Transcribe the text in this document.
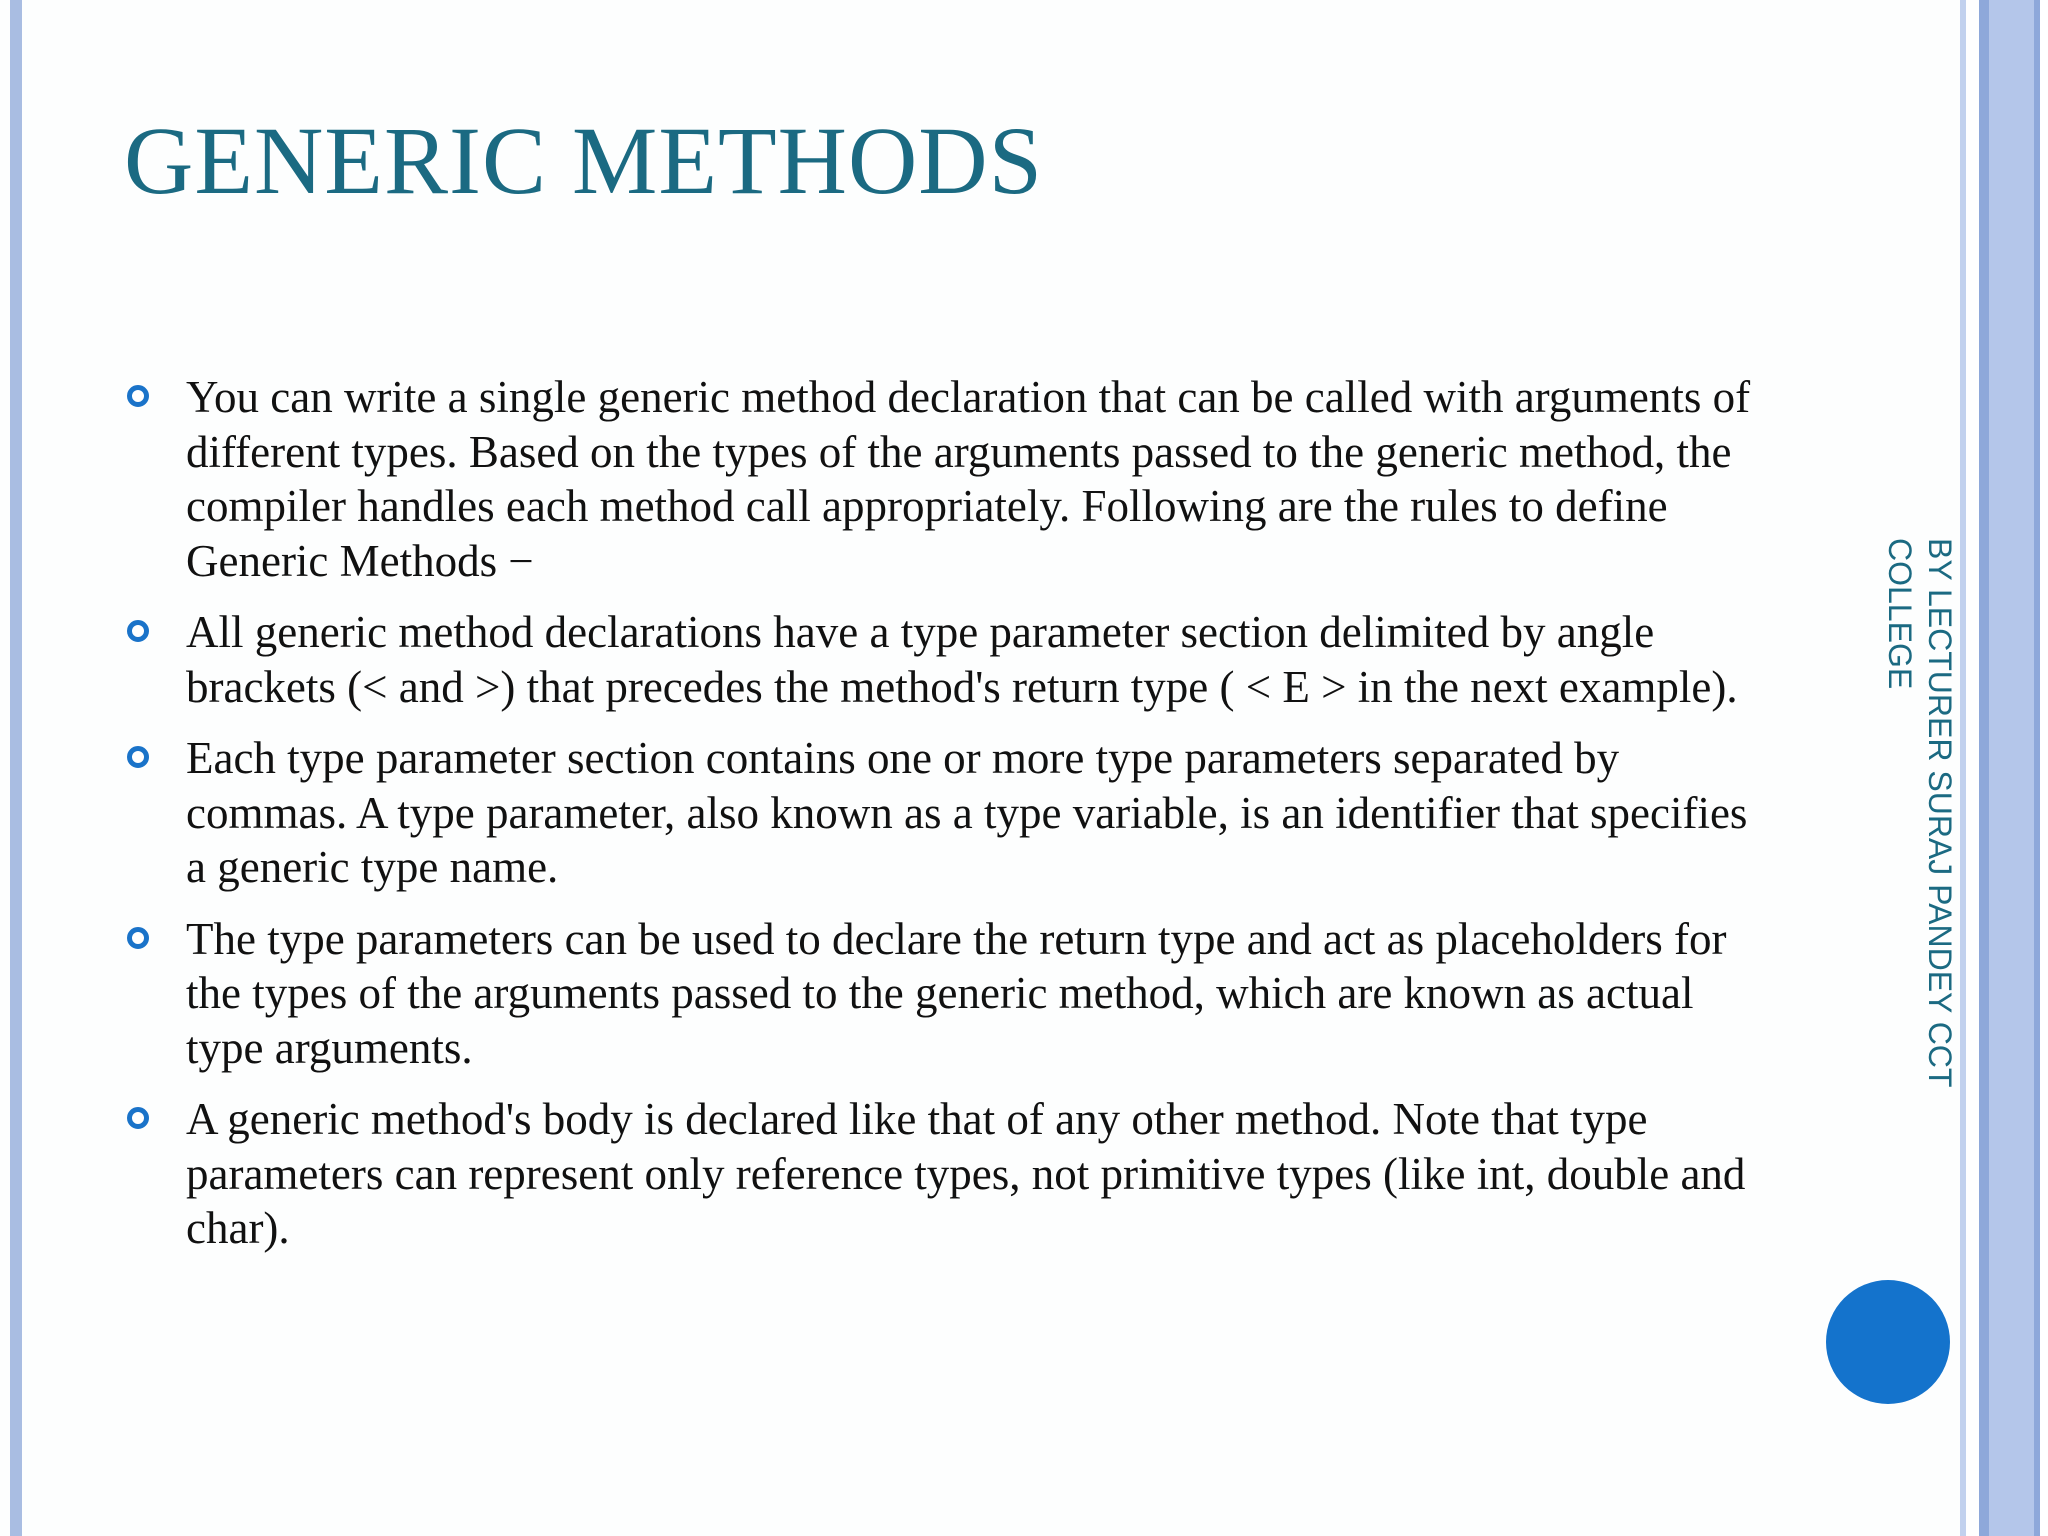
GENERIC METHODS
You can write a single generic method declaration that can be called with arguments of different types. Based on the types of the arguments passed to the generic method, the compiler handles each method call appropriately. Following are the rules to define Generic Methods −
All generic method declarations have a type parameter section delimited by angle brackets (< and >) that precedes the method's return type ( < E > in the next example).
Each type parameter section contains one or more type parameters separated by commas. A type parameter, also known as a type variable, is an identifier that specifies a generic type name.
The type parameters can be used to declare the return type and act as placeholders for the types of the arguments passed to the generic method, which are known as actual type arguments.
A generic method's body is declared like that of any other method. Note that type parameters can represent only reference types, not primitive types (like int, double and char).
BY LECTURER SURAJ PANDEY CCT COLLEGE
